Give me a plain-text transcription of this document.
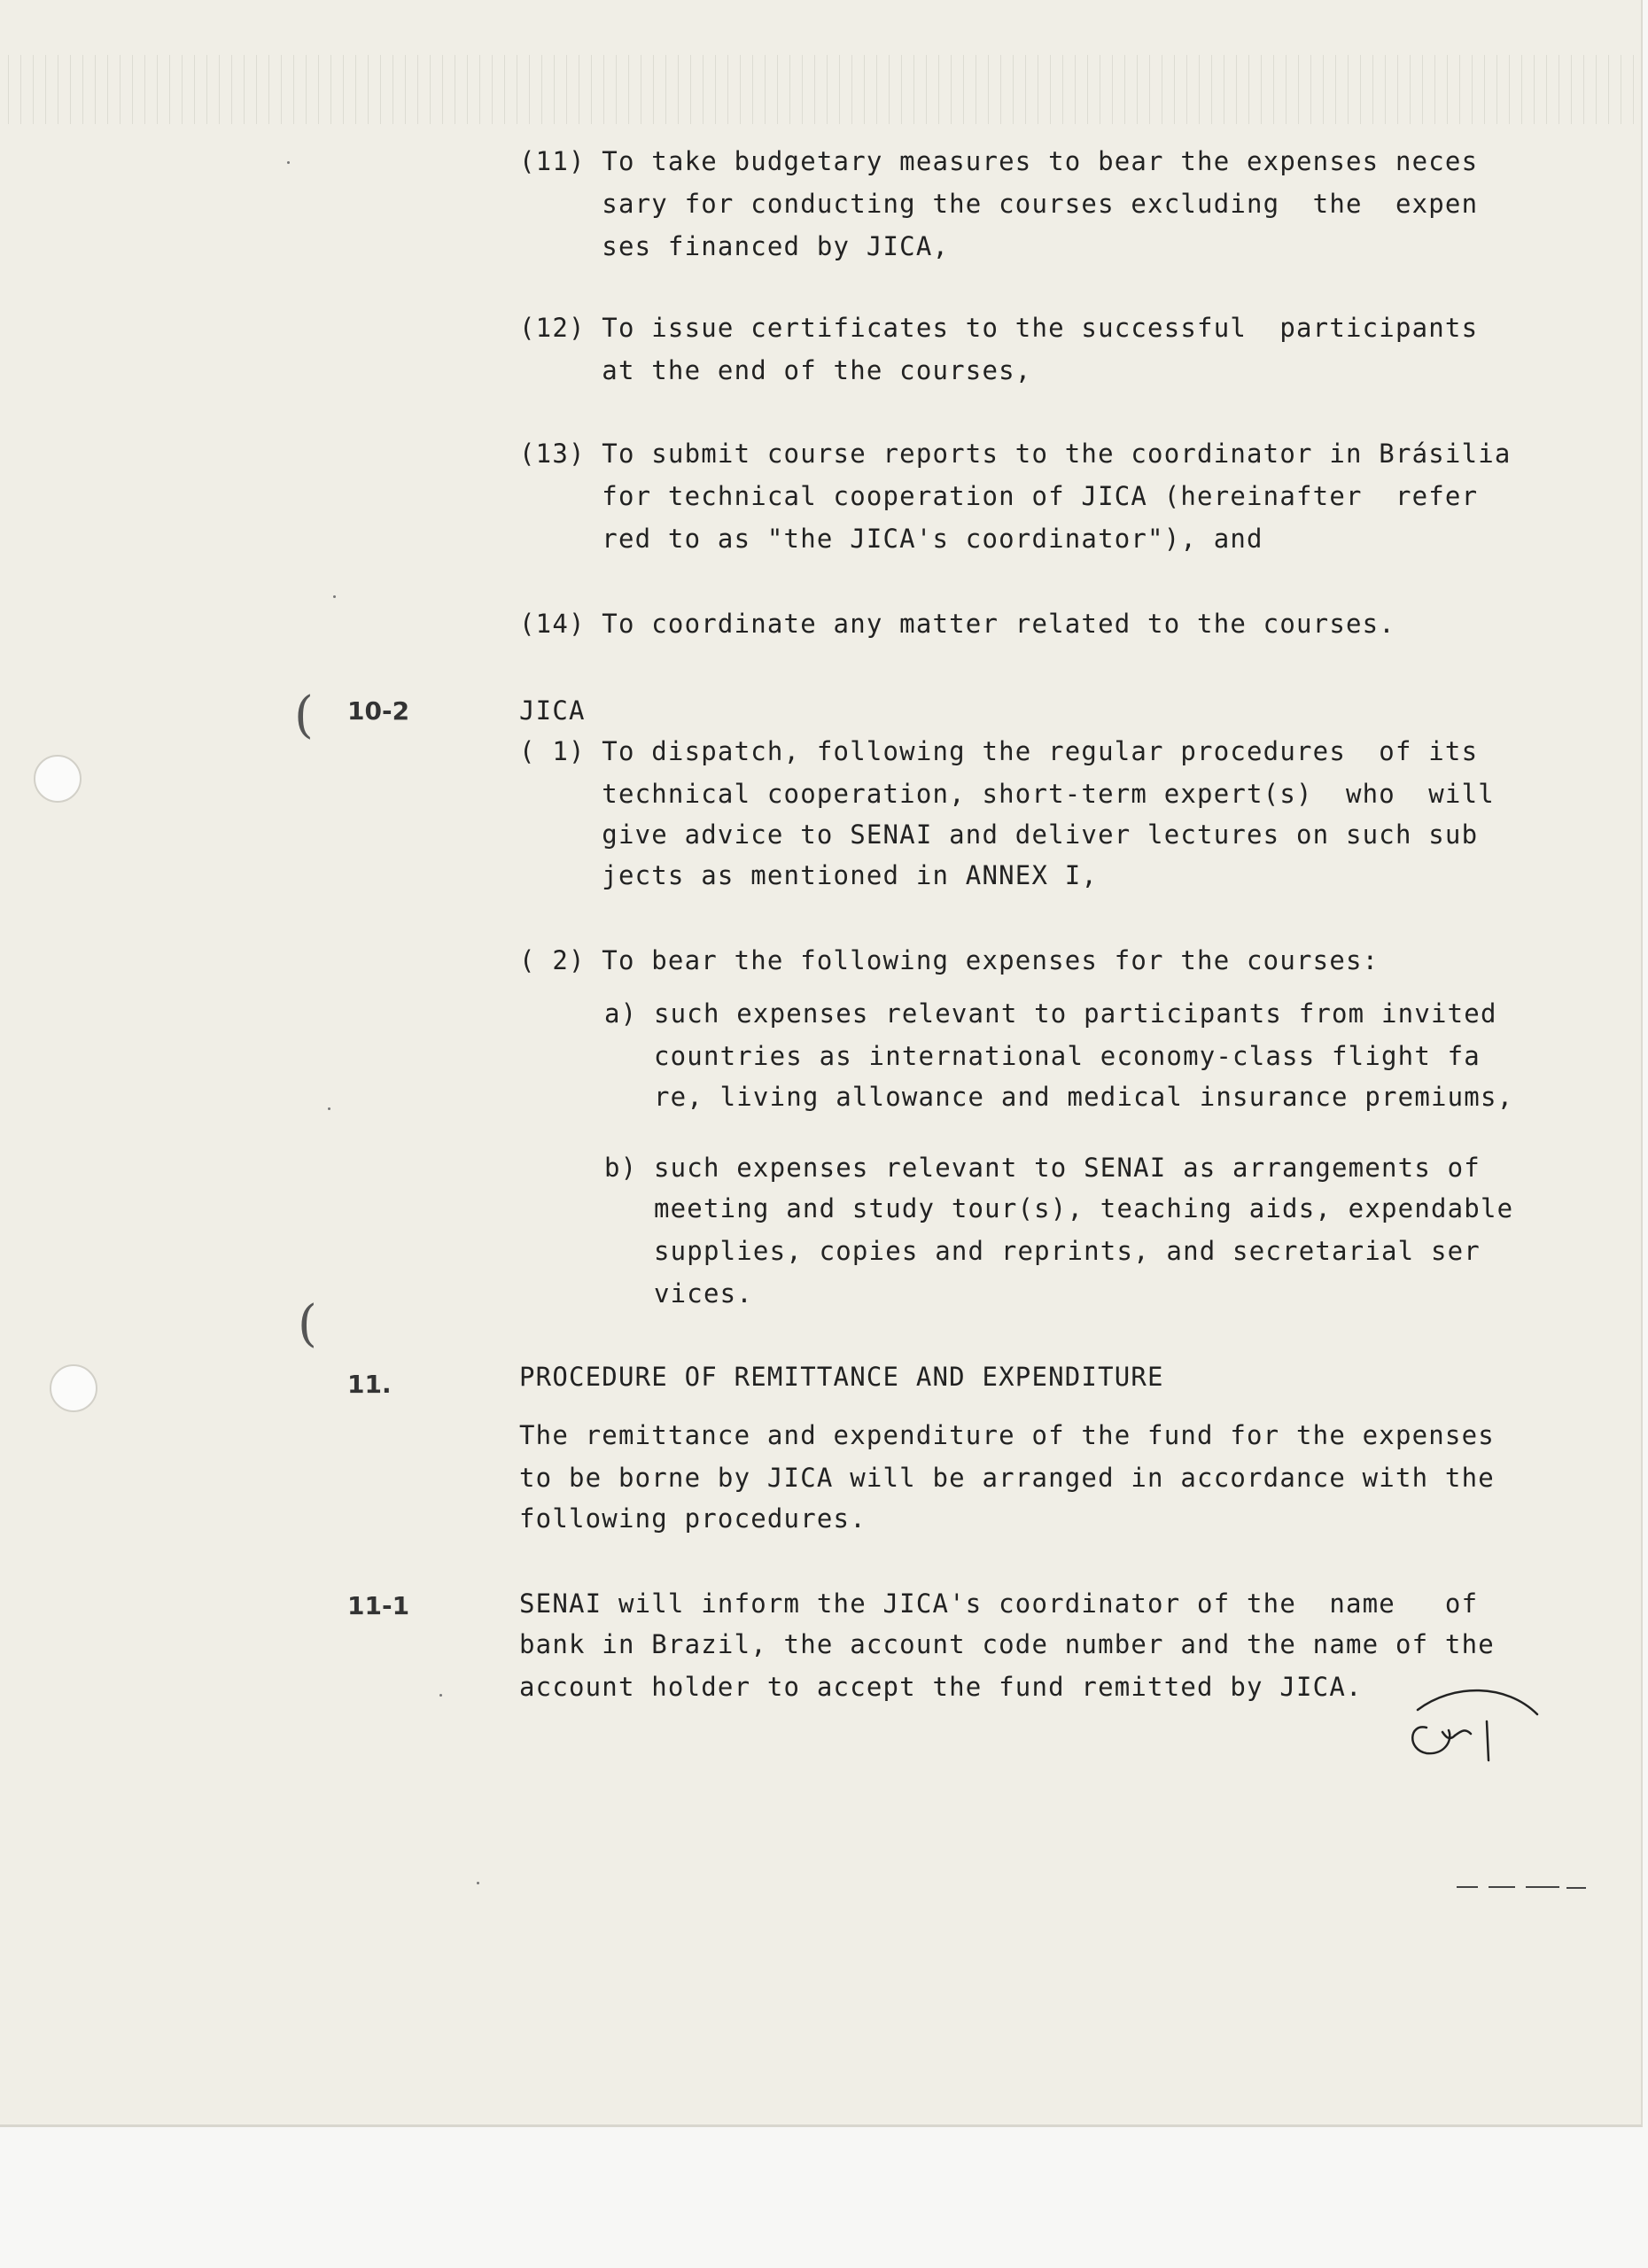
(
(
(11) To take budgetary measures to bear the expenses neces
sary for conducting the courses excluding  the  expen
ses financed by JICA,
(12) To issue certificates to the successful  participants
at the end of the courses,
(13) To submit course reports to the coordinator in Brásilia
for technical cooperation of JICA (hereinafter  refer
red to as "the JICA's coordinator"), and
(14) To coordinate any matter related to the courses.
10-2	JICA
( 1) To dispatch, following the regular procedures  of its
technical cooperation, short-term expert(s)  who  will
give advice to SENAI and deliver lectures on such sub
jects as mentioned in ANNEX I,
( 2) To bear the following expenses for the courses:
a) such expenses relevant to participants from invited
countries as international economy-class flight fa
re, living allowance and medical insurance premiums,
b) such expenses relevant to SENAI as arrangements of
meeting and study tour(s), teaching aids, expendable
supplies, copies and reprints, and secretarial ser
vices.
11.	PROCEDURE OF REMITTANCE AND EXPENDITURE
The remittance and expenditure of the fund for the expenses
to be borne by JICA will be arranged in accordance with the
following procedures.
11-1	SENAI will inform the JICA's coordinator of the  name   of
bank in Brazil, the account code number and the name of the
account holder to accept the fund remitted by JICA.
